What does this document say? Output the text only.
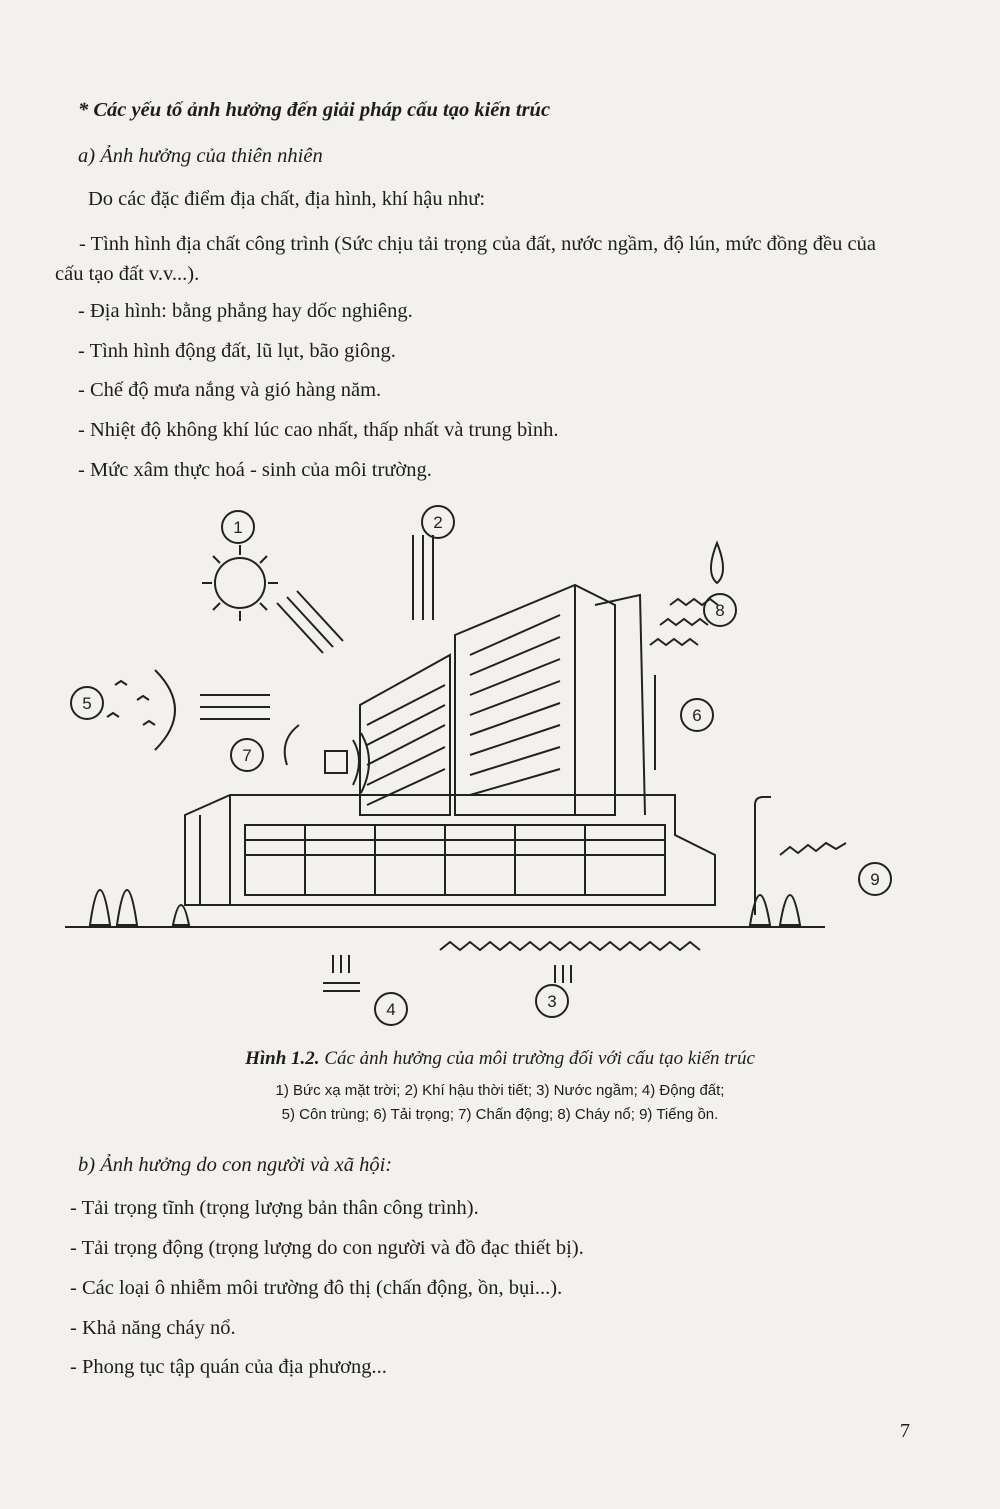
* Các yếu tố ảnh hưởng đến giải pháp cấu tạo kiến trúc
a) Ảnh hưởng của thiên nhiên
Do các đặc điểm địa chất, địa hình, khí hậu như:
- Tình hình địa chất công trình (Sức chịu tải trọng của đất, nước ngầm, độ lún, mức đồng đều của cấu tạo đất v.v...).
- Địa hình: bằng phẳng hay dốc nghiêng.
- Tình hình động đất, lũ lụt, bão giông.
- Chế độ mưa nắng và gió hàng năm.
- Nhiệt độ không khí lúc cao nhất, thấp nhất và trung bình.
- Mức xâm thực hoá - sinh của môi trường.
1	2
3
4
5
6
7
8
9
Hình 1.2. Các ảnh hưởng của môi trường đối với cấu tạo kiến trúc
1) Bức xạ mặt trời; 2) Khí hậu thời tiết; 3) Nước ngầm; 4) Động đất;
5) Côn trùng; 6) Tải trọng; 7) Chấn động; 8) Cháy nổ; 9) Tiếng ồn.
b) Ảnh hưởng do con người và xã hội:
- Tải trọng tĩnh (trọng lượng bản thân công trình).
- Tải trọng động (trọng lượng do con người và đồ đạc thiết bị).
- Các loại ô nhiễm môi trường đô thị (chấn động, ồn, bụi...).
- Khả năng cháy nổ.
- Phong tục tập quán của địa phương...
7
